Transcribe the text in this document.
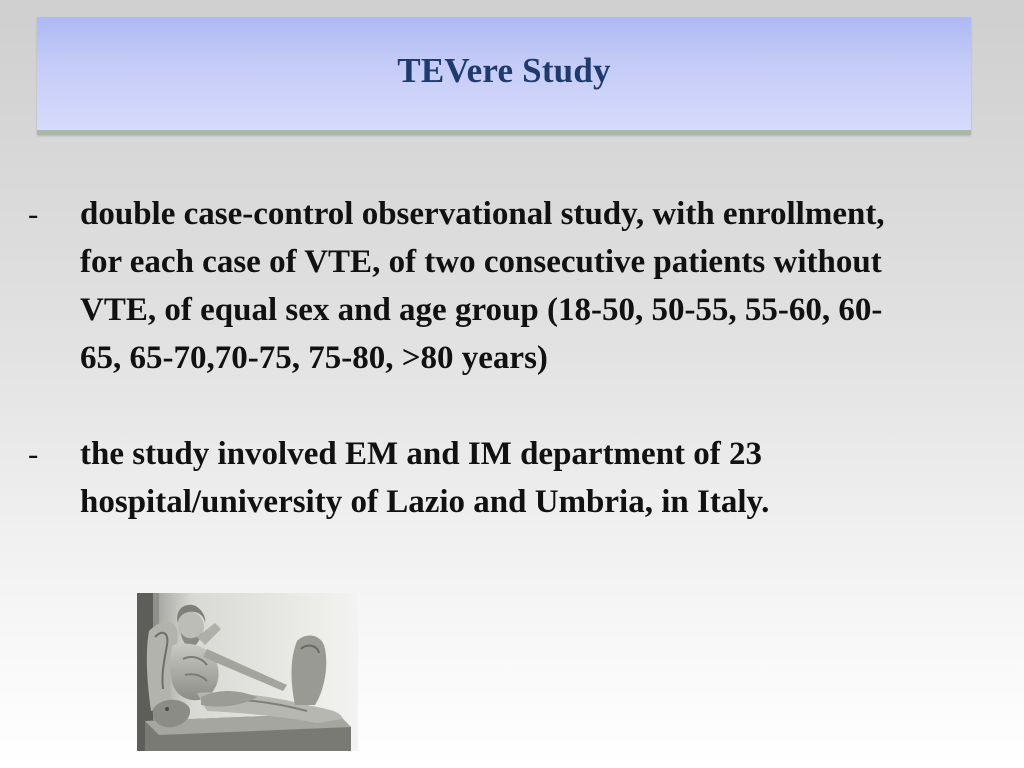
TEVere Study
-	double case-control observational study, with enrollment, for each case of VTE, of two consecutive patients without VTE, of equal sex and age group (18-50, 50-55, 55-60, 60-65, 65-70,70-75, 75-80, >80 years)
-	the study involved EM and IM department of 23 hospital/university of Lazio and Umbria, in Italy.
